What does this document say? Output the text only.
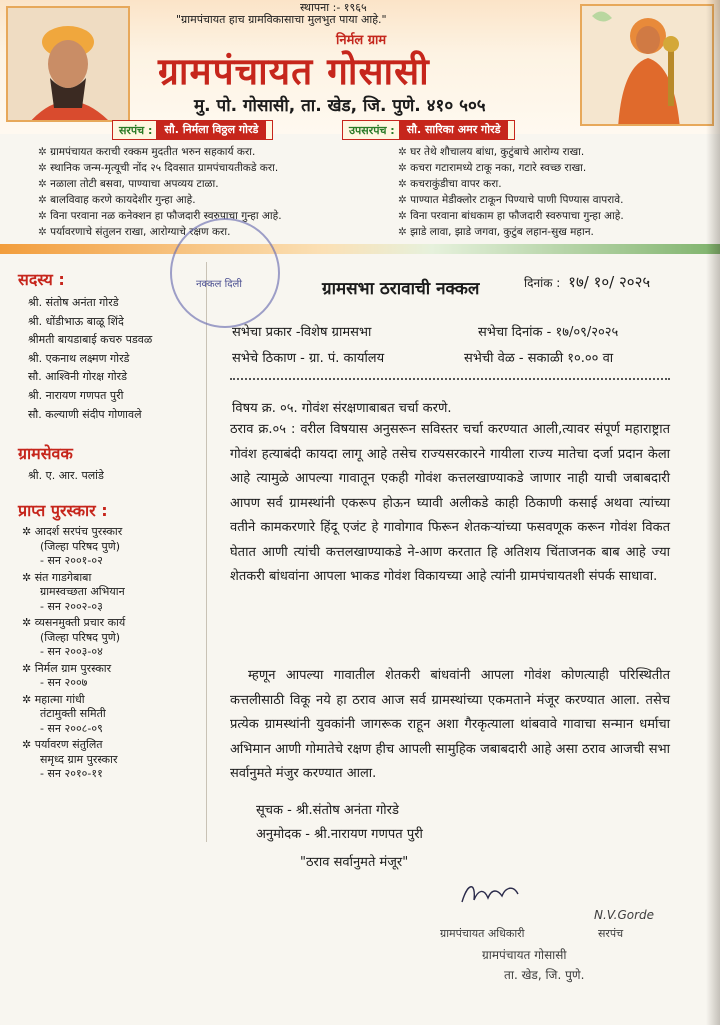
स्थापना :- १९६५
"ग्रामपंचायत हाच ग्रामविकासाचा मुलभुत पाया आहे."
निर्मल ग्राम
ग्रामपंचायत गोसासी
मु. पो. गोसासी, ता. खेड, जि. पुणे. ४१० ५०५
सरपंच :	सौ. निर्मला विठ्ठल गोरडे	उपसरपंच :	सौ. सारिका अमर गोरडे
✲ ग्रामपंचायत कराची रक्कम मुदतीत भरुन सहकार्य करा.
✲ स्थानिक जन्म-मृत्यूची नोंद २५ दिवसात ग्रामपंचायतीकडे करा.
✲ नळाला तोटी बसवा, पाण्याचा अपव्यय टाळा.
✲ बालविवाह करणे कायदेशीर गुन्हा आहे.
✲ विना परवाना नळ कनेक्शन हा फौजदारी स्वरुपाचा गुन्हा आहे.
✲ पर्यावरणाचे संतुलन राखा, आरोग्याचे रक्षण करा.
✲ घर तेथे शौचालय बांधा, कुटुंबाचे आरोग्य राखा.
✲ कचरा गटारामध्ये टाकू नका, गटारे स्वच्छ राखा.
✲ कचराकुंडीचा वापर करा.
✲ पाण्यात मेडीक्लोर टाकून पिण्याचे पाणी पिण्यास वापरावे.
✲ विना परवाना बांधकाम हा फौजदारी स्वरुपाचा गुन्हा आहे.
✲ झाडे लावा, झाडे जगवा, कुटुंब लहान-सुख महान.
सदस्य :
श्री. संतोष अनंता गोरडे
श्री. धोंडीभाऊ बाळू शिंदे
श्रीमती बायडाबाई कचरु पडवळ
श्री. एकनाथ लक्ष्मण गोरडे
सौ. आश्विनी गोरक्ष गोरडे
श्री. नारायण गणपत पुरी
सौ. कल्याणी संदीप गोणावले
ग्रामसेवक
श्री. ए. आर. पलांडे
प्राप्त पुरस्कार :
✲ आदर्श सरपंच पुरस्कार
(जिल्हा परिषद पुणे)
- सन २००१-०२
✲ संत गाडगेबाबा
ग्रामस्वच्छता अभियान
- सन २००२-०३
✲ व्यसनमुक्ती प्रचार कार्य
(जिल्हा परिषद पुणे)
- सन २००३-०४
✲ निर्मल ग्राम पुरस्कार
- सन २००७
✲ महात्मा गांधी
तंटामुक्ती समिती
- सन २००८-०९
✲ पर्यावरण संतुलित
समृध्द ग्राम पुरस्कार
- सन २०१०-११
नक्कल दिली	ग्रामसभा ठरावाची नक्कल	दिनांक : १७/ १०/ २०२५
सभेचा प्रकार -विशेष ग्रामसभा	सभेचा दिनांक - १७/०९/२०२५
सभेचे ठिकाण - ग्रा. पं. कार्यालय	सभेची वेळ - सकाळी १०.०० वा
विषय क्र. ०५. गोवंश संरक्षणाबाबत चर्चा करणे.
ठराव क्र.०५ : वरील विषयास अनुसरून सविस्तर चर्चा करण्यात आली,त्यावर संपूर्ण महाराष्ट्रात गोवंश हत्याबंदी कायदा लागू आहे तसेच राज्यसरकारने गायीला राज्य मातेचा दर्जा प्रदान केला आहे त्यामुळे आपल्या गावातून एकही गोवंश कत्तलखाण्याकडे जाणार नाही याची जबाबदारी आपण सर्व ग्रामस्थांनी एकरूप होऊन घ्यावी अलीकडे काही ठिकाणी कसाई अथवा त्यांच्या वतीने कामकरणारे हिंदू एजंट हे गावोगाव फिरून शेतकऱ्यांच्या फसवणूक करून गोवंश विकत घेतात आणी त्यांची कत्तलखाण्याकडे ने-आण करतात हि अतिशय चिंताजनक बाब आहे ज्या शेतकरी बांधवांना आपला भाकड गोवंश विकायच्या आहे त्यांनी ग्रामपंचायतशी संपर्क साधावा.
म्हणून आपल्या गावातील शेतकरी बांधवांनी आपला गोवंश कोणत्याही परिस्थितीत कत्तलीसाठी विकू नये हा ठराव आज सर्व ग्रामस्थांच्या एकमताने मंजूर करण्यात आला. तसेच प्रत्येक ग्रामस्थांनी युवकांनी जागरूक राहून अशा गैरकृत्याला थांबवावे गावाचा सन्मान धर्माचा अभिमान आणी गोमातेचे रक्षण हीच आपली सामुहिक जबाबदारी आहे असा ठराव आजची सभा सर्वानुमते मंजुर करण्यात आला.
सूचक - श्री.संतोष अनंता गोरडे
अनुमोदक - श्री.नारायण गणपत पुरी
"ठराव सर्वानुमते मंजूर"
ग्रामपंचायत अधिकारी
N.V.Gorde
सरपंच
ग्रामपंचायत गोसासी
ता. खेड, जि. पुणे.
